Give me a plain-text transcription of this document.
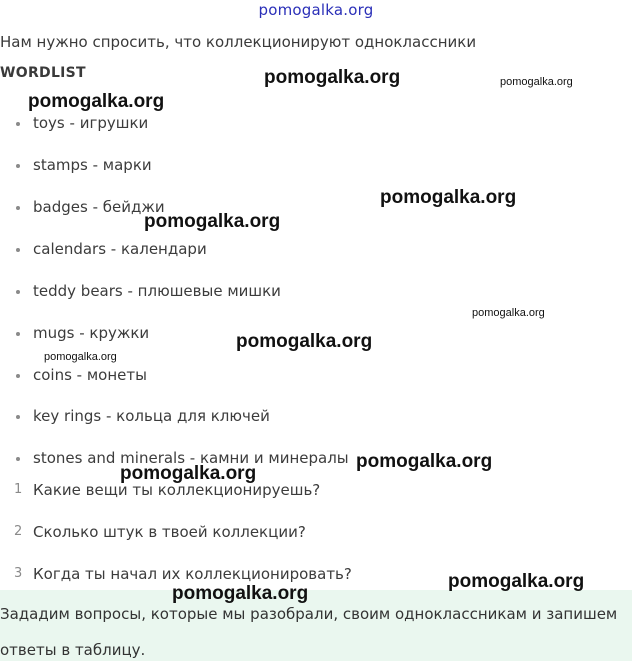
pomogalka.org
Нам нужно спросить, что коллекционируют одноклассники
WORDLIST
toys - игрушки
stamps - марки
badges - бейджи
calendars - календари
teddy bears - плюшевые мишки
mugs - кружки
coins - монеты
key rings - кольца для ключей
stones and minerals - камни и минералы
1 Какие вещи ты коллекционируешь?
2 Сколько штук в твоей коллекции?
3 Когда ты начал их коллекционировать?
Зададим вопросы, которые мы разобрали, своим одноклассникам и запишем ответы в таблицу.
pomogalka.org	pomogalka.org
pomogalka.org
pomogalka.org
pomogalka.org
pomogalka.org
pomogalka.org
pomogalka.org
pomogalka.org
pomogalka.org
pomogalka.org
pomogalka.org
